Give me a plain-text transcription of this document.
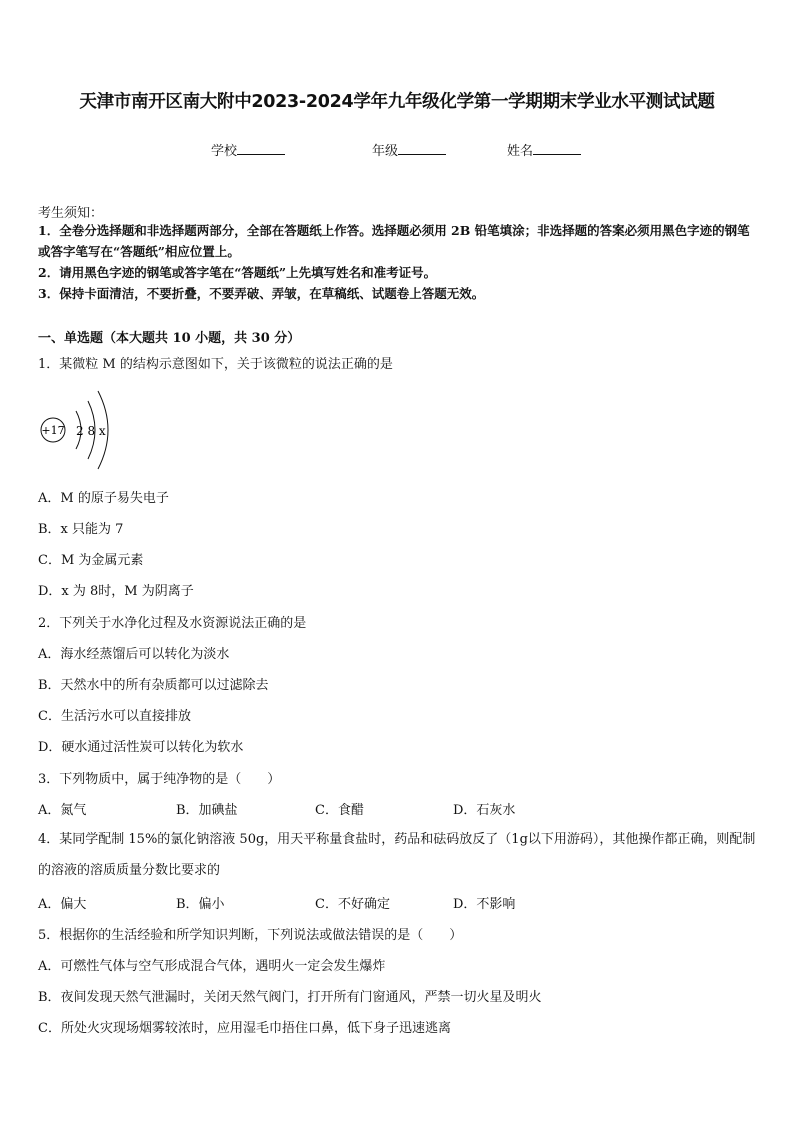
天津市南开区南大附中2023-2024学年九年级化学第一学期期末学业水平测试试题
学校	年级	姓名
考生须知：
1．全卷分选择题和非选择题两部分，全部在答题纸上作答。选择题必须用 2B 铅笔填涂；非选择题的答案必须用黑色字迹的钢笔或答字笔写在“答题纸”相应位置上。
2．请用黑色字迹的钢笔或答字笔在“答题纸”上先填写姓名和准考证号。
3．保持卡面清洁，不要折叠，不要弄破、弄皱，在草稿纸、试题卷上答题无效。
一、单选题（本大题共 10 小题，共 30 分）
1．某微粒 M 的结构示意图如下，关于该微粒的说法正确的是
+17 2 8 x
A．M 的原子易失电子
B．x 只能为 7
C．M 为金属元素
D．x 为 8时，M 为阴离子
2．下列关于水净化过程及水资源说法正确的是
A．海水经蒸馏后可以转化为淡水
B．天然水中的所有杂质都可以过滤除去
C．生活污水可以直接排放
D．硬水通过活性炭可以转化为软水
3．下列物质中，属于纯净物的是（　　）
A．氮气	B．加碘盐	C．食醋	D．石灰水
4．某同学配制 15%的氯化钠溶液 50g，用天平称量食盐时，药品和砝码放反了（1g以下用游码），其他操作都正确，则配制的溶液的溶质质量分数比要求的
A．偏大	B．偏小	C．不好确定	D．不影响
5．根据你的生活经验和所学知识判断，下列说法或做法错误的是（　　）
A．可燃性气体与空气形成混合气体，遇明火一定会发生爆炸
B．夜间发现天然气泄漏时，关闭天然气阀门，打开所有门窗通风，严禁一切火星及明火
C．所处火灾现场烟雾较浓时，应用湿毛巾捂住口鼻，低下身子迅速逃离
